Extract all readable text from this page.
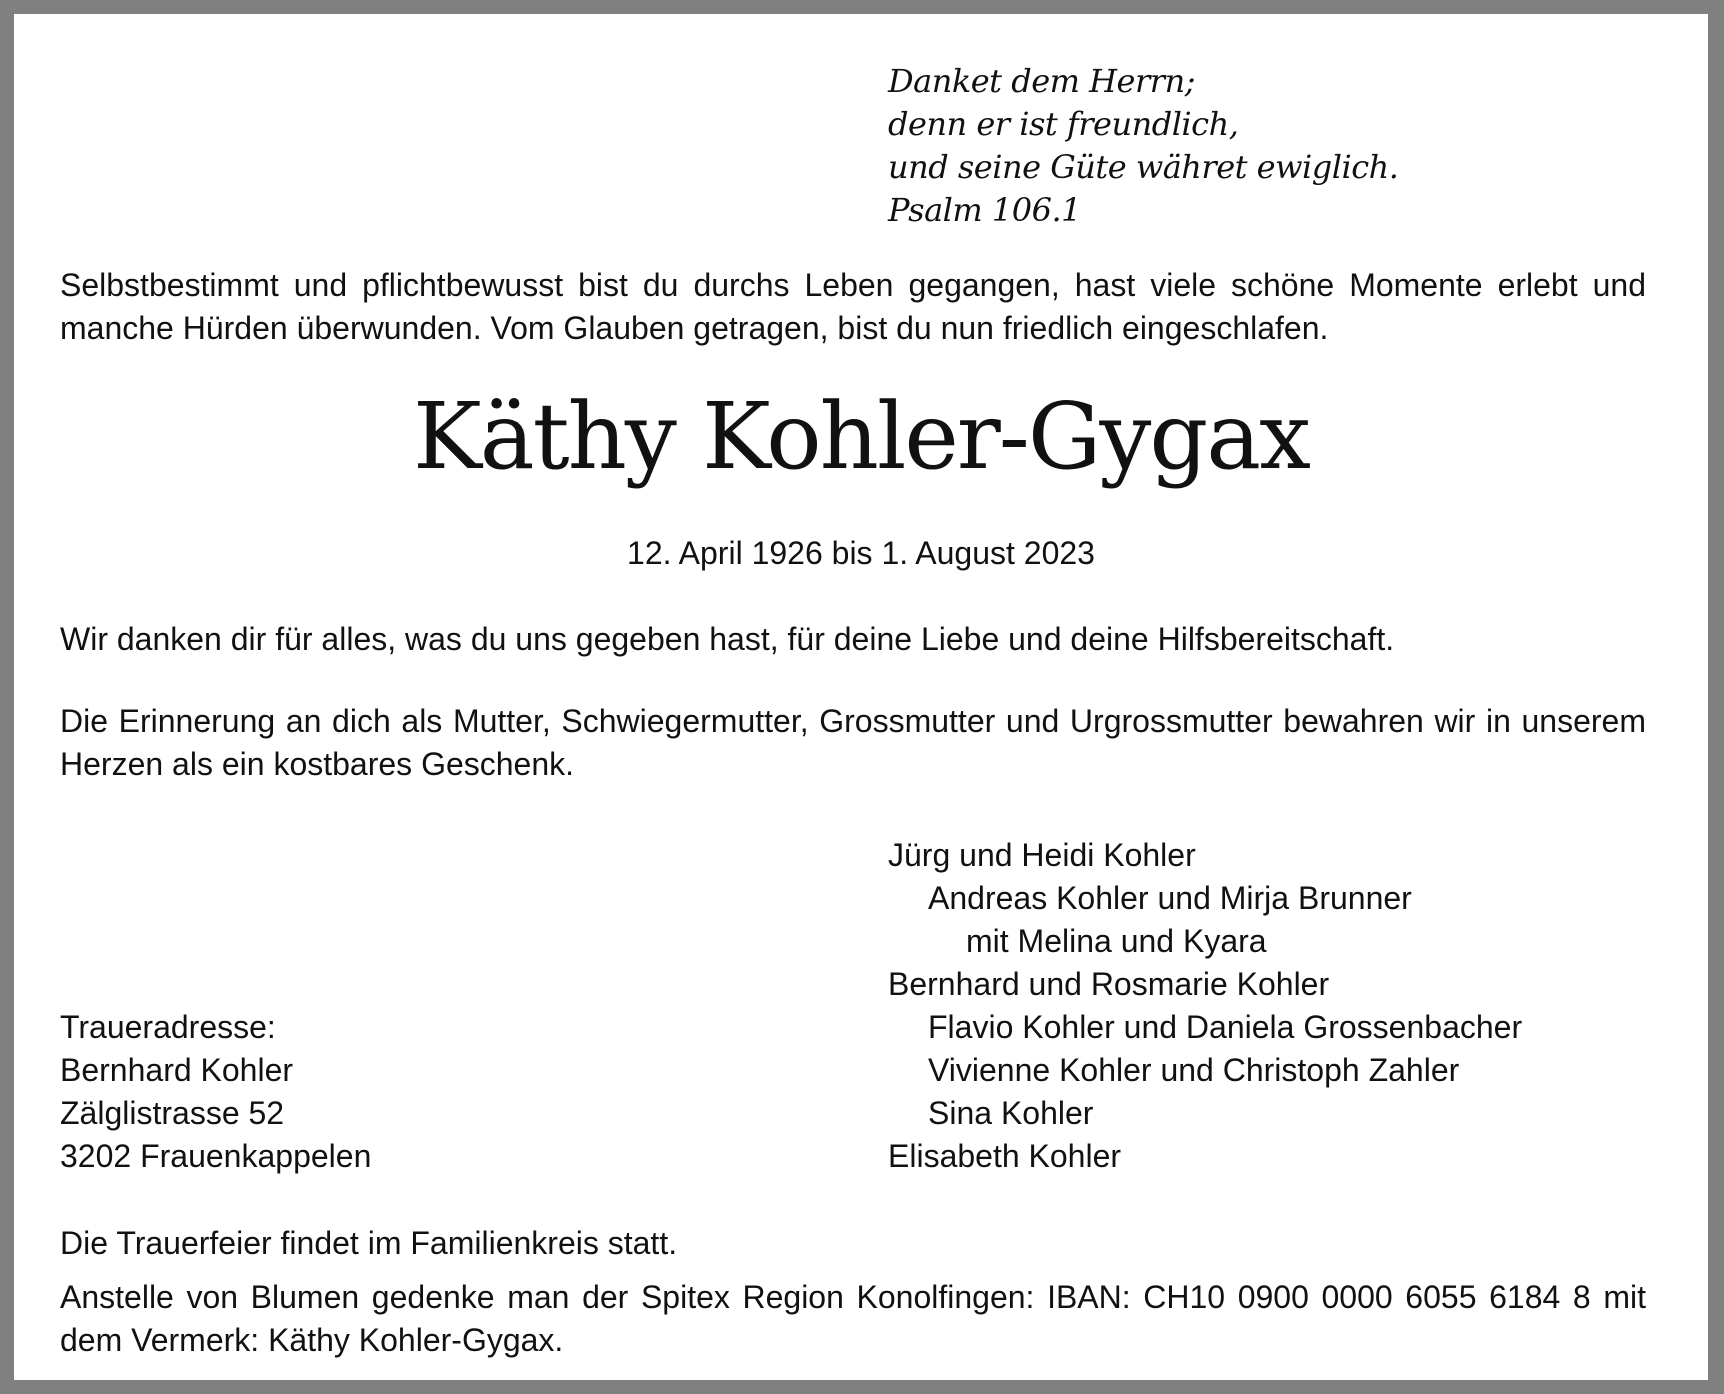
Danket dem Herrn;
denn er ist freundlich,
und seine Güte währet ewiglich.
Psalm 106.1
Selbstbestimmt und pflichtbewusst bist du durchs Leben gegangen, hast viele schöne Momente erlebt und manche Hürden überwunden. Vom Glauben getragen, bist du nun friedlich eingeschlafen.
Käthy Kohler-Gygax
12. April 1926 bis 1. August 2023
Wir danken dir für alles, was du uns gegeben hast, für deine Liebe und deine Hilfsbereitschaft.
Die Erinnerung an dich als Mutter, Schwiegermutter, Grossmutter und Urgrossmutter bewahren wir in unserem Herzen als ein kostbares Geschenk.
Jürg und Heidi Kohler
Andreas Kohler und Mirja Brunner
mit Melina und Kyara
Bernhard und Rosmarie Kohler
Flavio Kohler und Daniela Grossenbacher
Vivienne Kohler und Christoph Zahler
Sina Kohler
Elisabeth Kohler
Traueradresse:
Bernhard Kohler
Zälglistrasse 52
3202 Frauenkappelen
Die Trauerfeier findet im Familienkreis statt.
Anstelle von Blumen gedenke man der Spitex Region Konolfingen: IBAN: CH10 0900 0000 6055 6184 8 mit dem Vermerk: Käthy Kohler-Gygax.
